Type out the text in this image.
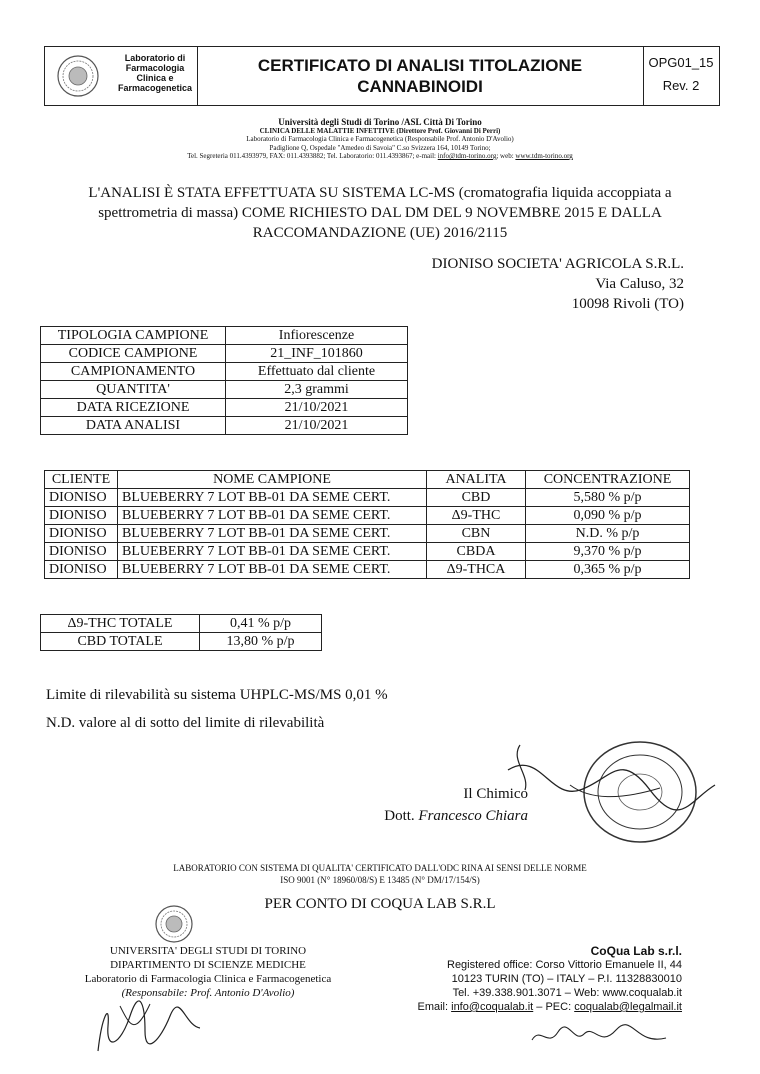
Laboratorio di
Farmacologia
Clinica e
Farmacogenetica
CERTIFICATO DI ANALISI TITOLAZIONE
CANNABINOIDI
OPG01_15
Rev. 2
Università degli Studi di Torino /ASL Città Di Torino
CLINICA DELLE MALATTIE INFETTIVE (Direttore Prof. Giovanni Di Perri)
Laboratorio di Farmacologia Clinica e Farmacogenetica (Responsabile Prof. Antonio D'Avolio)
Padiglione Q, Ospedale "Amedeo di Savoia" C.so Svizzera 164, 10149 Torino;
Tel. Segreteria 011.4393979, FAX: 011.4393882; Tel. Laboratorio: 011.4393867; e-mail: info@tdm-torino.org; web: www.tdm-torino.org
L'ANALISI È STATA EFFETTUATA SU SISTEMA LC-MS (cromatografia liquida accoppiata a spettrometria di massa) COME RICHIESTO DAL DM DEL 9 NOVEMBRE 2015 E DALLA RACCOMANDAZIONE (UE) 2016/2115
DIONISO SOCIETA' AGRICOLA S.R.L.
Via Caluso, 32
10098 Rivoli (TO)
TIPOLOGIA CAMPIONE	Infiorescenze
CODICE CAMPIONE	21_INF_101860
CAMPIONAMENTO	Effettuato dal cliente
QUANTITA'	2,3 grammi
DATA RICEZIONE	21/10/2021
DATA ANALISI	21/10/2021
CLIENTE	NOME CAMPIONE	ANALITA	CONCENTRAZIONE
DIONISO	BLUEBERRY 7 LOT BB-01 DA SEME CERT.	CBD	5,580 % p/p
DIONISO	BLUEBERRY 7 LOT BB-01 DA SEME CERT.	Δ9-THC	0,090 % p/p
DIONISO	BLUEBERRY 7 LOT BB-01 DA SEME CERT.	CBN	N.D. % p/p
DIONISO	BLUEBERRY 7 LOT BB-01 DA SEME CERT.	CBDA	9,370 % p/p
DIONISO	BLUEBERRY 7 LOT BB-01 DA SEME CERT.	Δ9-THCA	0,365 % p/p
Δ9-THC TOTALE	0,41 % p/p
CBD TOTALE	13,80 % p/p
Limite di rilevabilità su sistema UHPLC-MS/MS 0,01 %
N.D. valore al di sotto del limite di rilevabilità
Il Chimico
Dott. Francesco Chiara
LABORATORIO CON SISTEMA DI QUALITA' CERTIFICATO DALL'ODC RINA AI SENSI DELLE NORME
ISO 9001 (N° 18960/08/S) E 13485 (N° DM/17/154/S)
PER CONTO DI COQUA LAB S.R.L
UNIVERSITA' DEGLI STUDI DI TORINO
DIPARTIMENTO DI SCIENZE MEDICHE
Laboratorio di Farmacologia Clinica e Farmacogenetica
(Responsabile: Prof. Antonio D'Avolio)
CoQua Lab s.r.l.
Registered office: Corso Vittorio Emanuele II, 44
10123 TURIN (TO) – ITALY – P.I. 11328830010
Tel. +39.338.901.3071 – Web: www.coqualab.it
Email: info@coqualab.it – PEC: coqualab@legalmail.it
